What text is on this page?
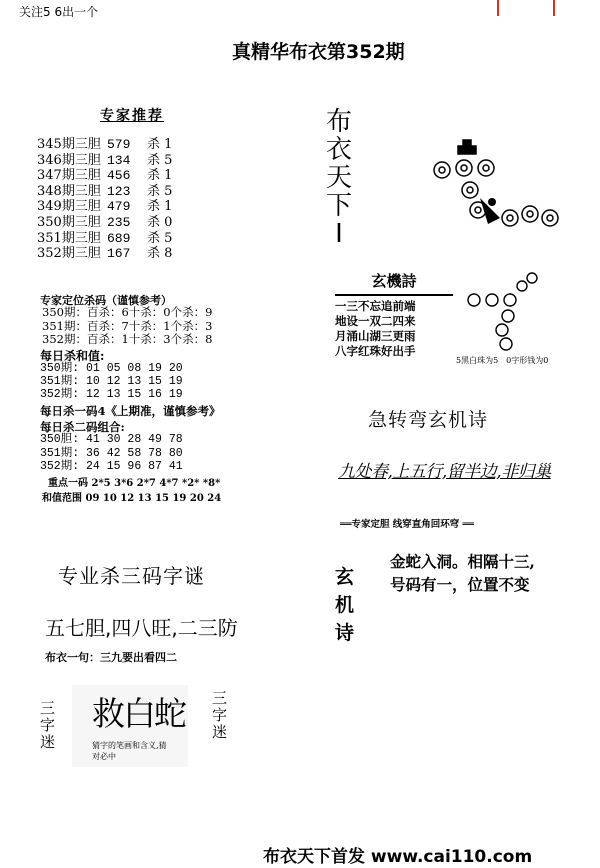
关注5 6出一个
真精华布衣第352期
专家推荐
345期三胆 579 杀 1
346期三胆 134 杀 5
347期三胆 456 杀 1
348期三胆 123 杀 5
349期三胆 479 杀 1
350期三胆 235 杀 0
351期三胆 689 杀 5
352期三胆 167 杀 8
专家定位杀码（谨慎参考）
350期：百杀：6十杀：0个杀：9
351期：百杀：7十杀：1个杀：3
352期：百杀：1十杀：3个杀：8
每日杀和值:
350期: 01 05 08 19 20
351期: 10 12 13 15 19
352期: 12 13 15 16 19
每日杀一码4《上期准，谨慎参考》
每日杀二码组合:
350胆: 41 30 28 49 78
351期: 36 42 58 78 80
352期: 24 15 96 87 41
重点一码 2*5 3*6 2*7 4*7 *2* *8*
和值范围 09 10 12 13 15 19 20 24
专业杀三码字谜
五七胆,四八旺,二三防
布衣一句：三九要出看四二
三
字
迷
救白蛇
猜字的笔画和含义,猜
对必中
三
字
迷
布
衣
天
下
I
玄機詩
一三不忘追前端
地设一双二四来
月涌山湖三更雨
八字红珠好出手
5黑白珠为5　0字形钱为0
急转弯玄机诗
九处春,上五行,留半边,非归巢
══专家定胆 线穿直角回环穹 ══
玄
机
诗
金蛇入洞。相隔十三,
号码有一，位置不变
布衣天下首发 www.cai110.com
